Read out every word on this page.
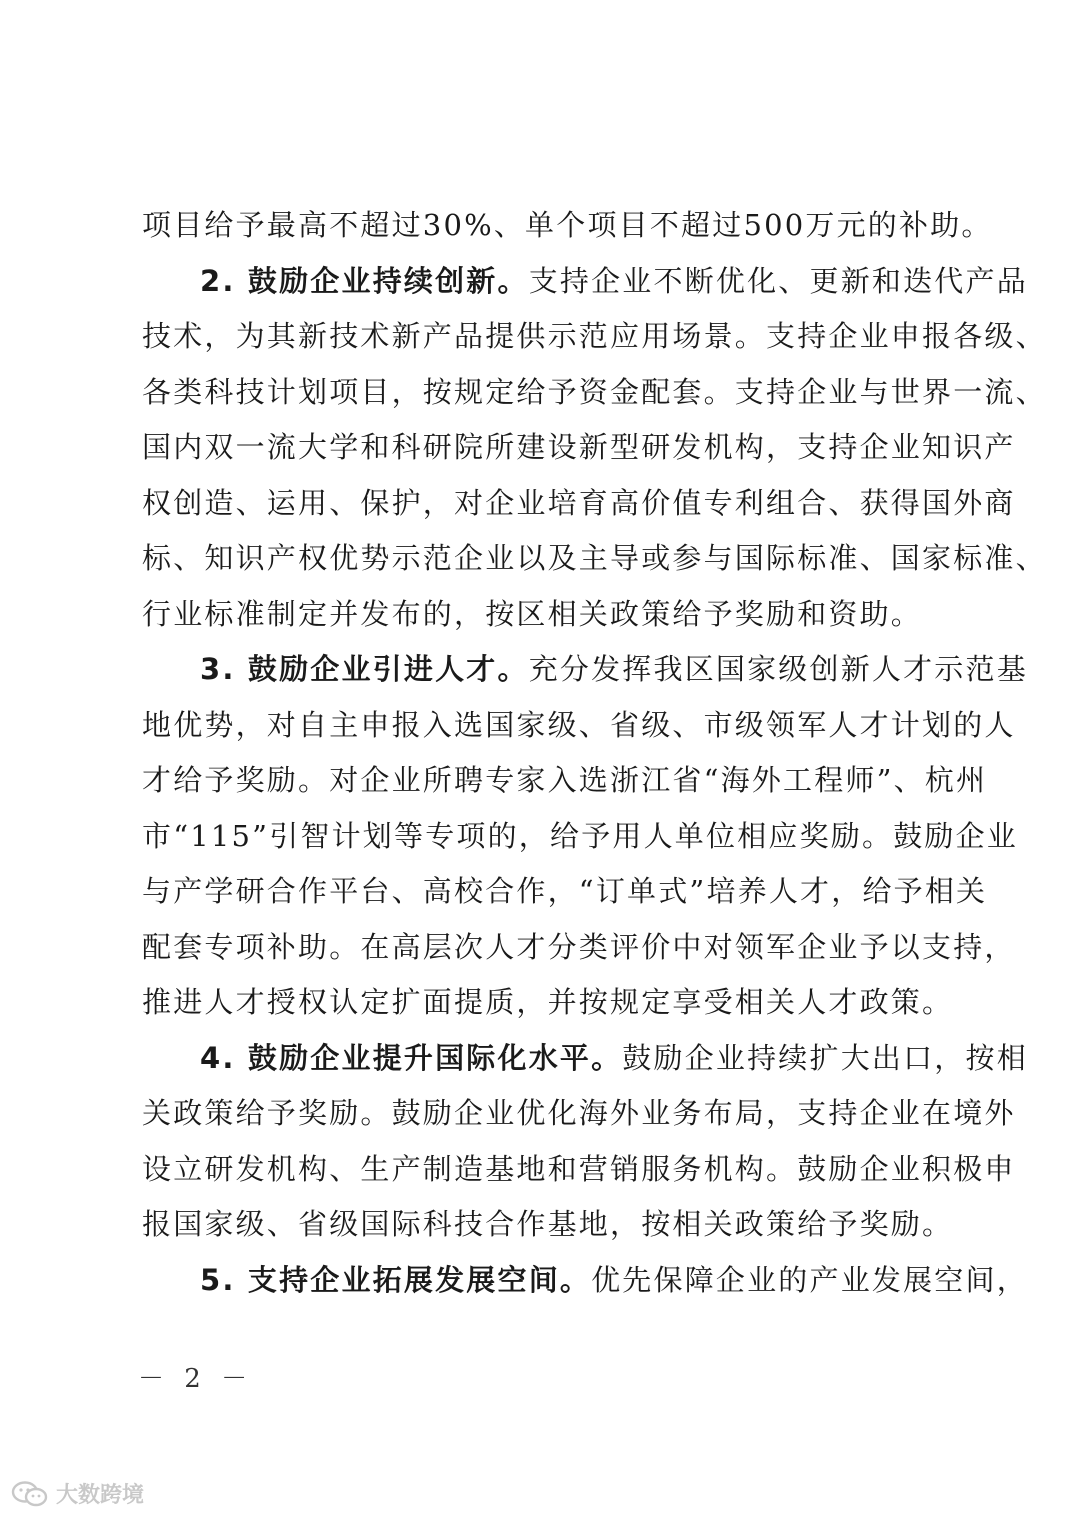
项目给予最高不超过30%、单个项目不超过500万元的补助。
2. 鼓励企业持续创新。支持企业不断优化、更新和迭代产品
技术，为其新技术新产品提供示范应用场景。支持企业申报各级、
各类科技计划项目，按规定给予资金配套。支持企业与世界一流、
国内双一流大学和科研院所建设新型研发机构，支持企业知识产
权创造、运用、保护，对企业培育高价值专利组合、获得国外商
标、知识产权优势示范企业以及主导或参与国际标准、国家标准、
行业标准制定并发布的，按区相关政策给予奖励和资助。
3. 鼓励企业引进人才。充分发挥我区国家级创新人才示范基
地优势，对自主申报入选国家级、省级、市级领军人才计划的人
才给予奖励。对企业所聘专家入选浙江省“海外工程师”、杭州
市“115”引智计划等专项的，给予用人单位相应奖励。鼓励企业
与产学研合作平台、高校合作，“订单式”培养人才，给予相关
配套专项补助。在高层次人才分类评价中对领军企业予以支持，
推进人才授权认定扩面提质，并按规定享受相关人才政策。
4. 鼓励企业提升国际化水平。鼓励企业持续扩大出口，按相
关政策给予奖励。鼓励企业优化海外业务布局，支持企业在境外
设立研发机构、生产制造基地和营销服务机构。鼓励企业积极申
报国家级、省级国际科技合作基地，按相关政策给予奖励。
5. 支持企业拓展发展空间。优先保障企业的产业发展空间，
－ 2 －
大数跨境
